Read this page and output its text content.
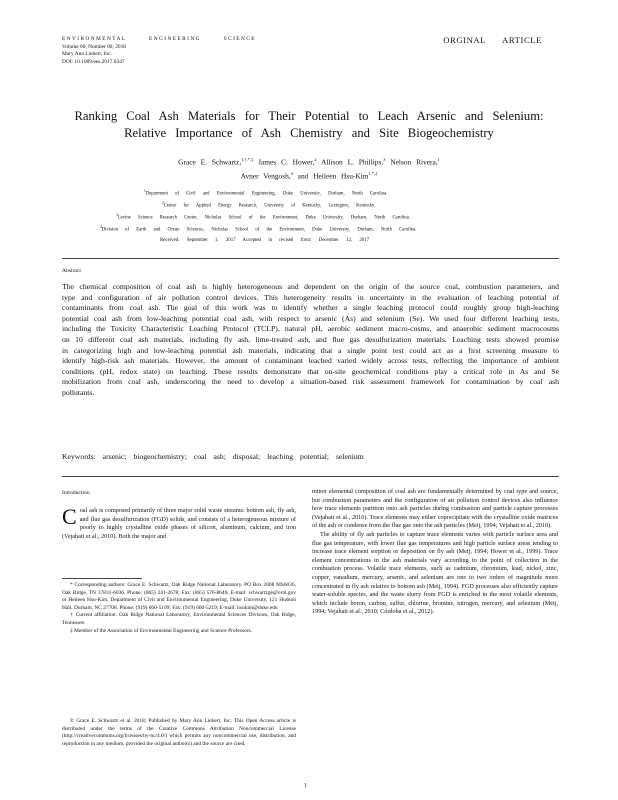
ENVIRONMENTAL ENGINEERING SCIENCE
Volume 00, Number 00, 2018
Mary Ann Liebert, Inc.
DOI: 10.1089/ees.2017.0347
ORGINAL ARTICLE
Ranking Coal Ash Materials for Their Potential to Leach Arsenic and Selenium:
Relative Importance of Ash Chemistry and Site Biogeochemistry
Grace E. Schwartz,$^{1,\dagger,*,\ddagger}$ James C. Hower,$^2$ Allison L. Phillips,$^3$ Nelson Rivera,$^1$
Avner Vengosh,$^4$ and Heileen Hsu-Kim$^{1,*,\ddagger}$
$^1$Department of Civil and Environmental Engineering, Duke University, Durham, North Carolina.
$^2$Center for Applied Energy Research, University of Kentucky, Lexington, Kentucky.
$^3$Levine Science Research Center, Nicholas School of the Environment, Duke University, Durham, North Carolina.
$^4$Division of Earth and Ocean Sciences, Nicholas School of the Environment, Duke University, Durham, North Carolina.
Received: September 1, 2017 Accepted in revised form: December 12, 2017
Abstract
The chemical composition of coal ash is highly heterogeneous and dependent on the origin of the source coal, combustion parameters, and type and configuration of air pollution control devices. This heterogeneity results in uncertainty in the evaluation of leaching potential of contaminants from coal ash. The goal of this work was to identify whether a single leaching protocol could roughly group high-leaching potential coal ash from low-leaching potential coal ash, with respect to arsenic (As) and selenium (Se). We used four different leaching tests, including the Toxicity Characteristic Leaching Protocol (TCLP), natural pH, aerobic sediment macro-cosms, and anaerobic sediment macrocosms on 10 different coal ash materials, including fly ash, lime-treated ash, and flue gas desulfurization materials. Leaching tests showed promise in categorizing high and low-leaching potential ash materials, indicating that a single point test could act as a first screening measure to identify high-risk ash materials. However, the amount of contaminant leached varied widely across tests, reflecting the importance of ambient conditions (pH, redox state) on leaching. These results demonstrate that on-site geochemical conditions play a critical role in As and Se mobilization from coal ash, underscoring the need to develop a situation-based risk assessment framework for contamination by coal ash pollutants.
Keywords: arsenic; biogeochemistry; coal ash; disposal; leaching potential; selenium
Introduction
Coal ash is composed primarily of three major solid waste streams: bottom ash, fly ash, and flue gas desulfurization (FGD) solids, and consists of a heterogeneous mixture of poorly to highly crystalline oxide phases of silicon, aluminum, calcium, and iron (Vejahati et al., 2010). Both the major and
* Corresponding authors: Grace E. Schwartz, Oak Ridge National Laboratory, PO Box 2008 MS6036, Oak Ridge, TN 37831-6036. Phone: (865) 241-2678; Fax: (865) 576-8646; E-mail: schwartzge@ornl.gov or Heileen Hsu-Kim, Department of Civil and Environmental Engineering, Duke University, 121 Hudson Hall, Durham, NC 27708. Phone: (919) 660-5109; Fax: (919) 660-5219; E-mail: hsukim@duke.edu
† Current affiliation: Oak Ridge National Laboratory, Environmental Sciences Division, Oak Ridge, Tennessee.
‡ Member of the Association of Environmental Engineering and Science Professors.
© Grace E. Schwartz et al. 2018; Published by Mary Ann Liebert, Inc. This Open Access article is distributed under the terms of the Creative Commons Attribution Noncommercial License (http://creativecommons.org/licenses/by-nc/4.0/) which permits any noncommercial use, distribution, and reproduction in any medium, provided the original author(s) and the source are cited.
minor elemental composition of coal ash are fundamentally determined by coal type and source, but combustion parameters and the configuration of air pollution control devices also influence how trace elements partition onto ash particles during combustion and particle capture processes (Vejahati et al., 2010). Trace elements may either coprecipitate with the crystalline oxide matrices of the ash or condense from the flue gas onto the ash particles (Meij, 1994; Vejahati et al., 2010).
The ability of fly ash particles to capture trace elements varies with particle surface area and flue gas temperature, with lower flue gas temperatures and high particle surface areas tending to increase trace element sorption or deposition on fly ash (Meij, 1994; Hower et al., 1999). Trace element concentrations in the ash materials vary according to the point of collection in the combustion process. Volatile trace elements, such as cadmium, chromium, lead, nickel, zinc, copper, vanadium, mercury, arsenic, and selenium are one to two orders of magnitude more concentrated in fly ash relative to bottom ash (Meij, 1994). FGD processes also efficiently capture water-soluble species, and the waste slurry from FGD is enriched in the most volatile elements, which include boron, carbon, sulfur, chlorine, bromine, nitrogen, mercury, and selenium (Meij, 1994; Vejahati et al., 2010; Córdoba et al., 2012).
1
